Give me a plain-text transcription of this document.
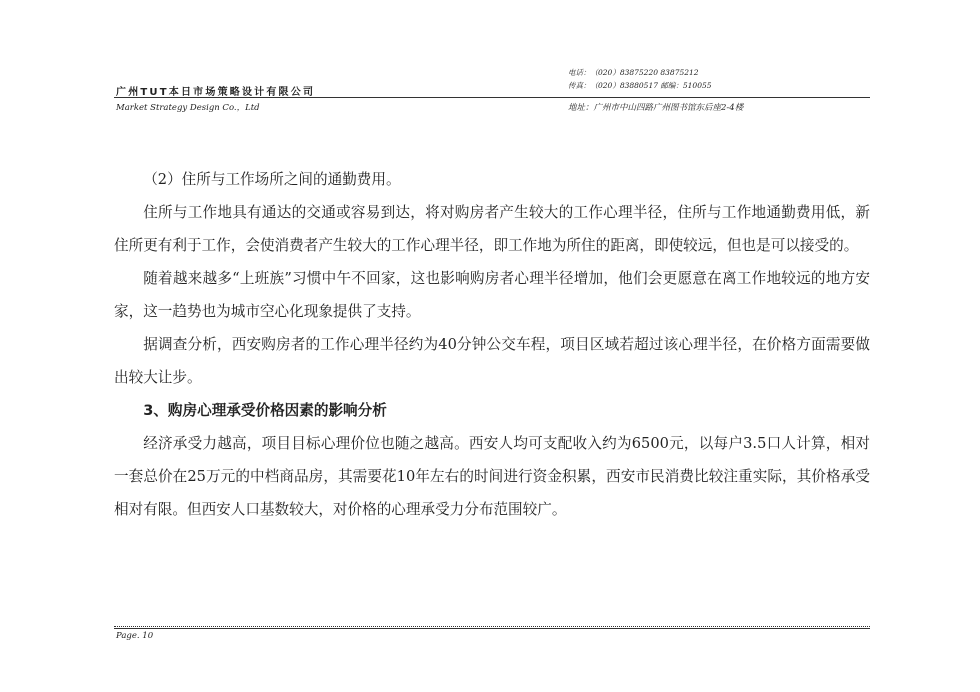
广州TUT本日市场策略设计有限公司
电话：（020）83875220 83875212
传真：（020）83880517 邮编：510055
Market Strategy Design Co.，Ltd	地址：广州市中山四路广州图书馆东后座2-4楼

（2）住所与工作场所之间的通勤费用。

住所与工作地具有通达的交通或容易到达，将对购房者产生较大的工作心理半径，住所与工作地通勤费用低，新住所更有利于工作，会使消费者产生较大的工作心理半径，即工作地为所住的距离，即使较远，但也是可以接受的。

随着越来越多“上班族”习惯中午不回家，这也影响购房者心理半径增加，他们会更愿意在离工作地较远的地方安家，这一趋势也为城市空心化现象提供了支持。

据调查分析，西安购房者的工作心理半径约为40分钟公交车程，项目区域若超过该心理半径，在价格方面需要做出较大让步。

3、购房心理承受价格因素的影响分析

经济承受力越高，项目目标心理价位也随之越高。西安人均可支配收入约为6500元，以每户3.5口人计算，相对一套总价在25万元的中档商品房，其需要花10年左右的时间进行资金积累，西安市民消费比较注重实际，其价格承受相对有限。但西安人口基数较大，对价格的心理承受力分布范围较广。

Page. 10
